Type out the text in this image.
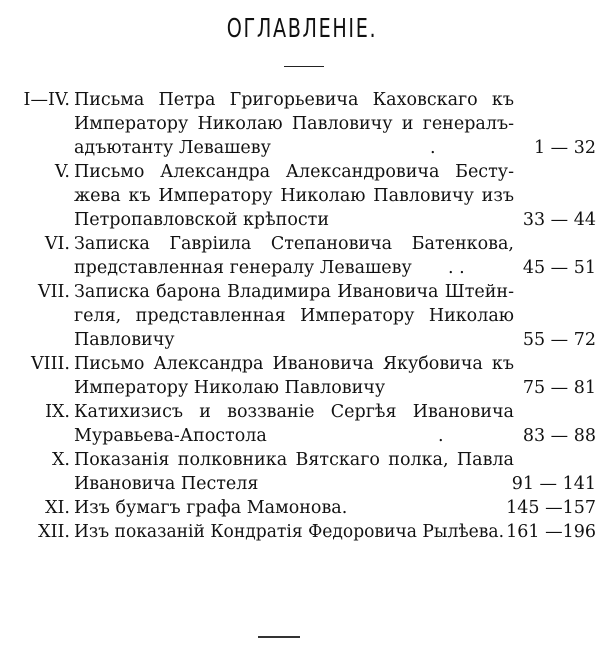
ОГЛАВЛЕНІЕ.
I—IV. Письма Петра Григорьевича Каховскагo къ
Императору Николаю Павловичу и генералъ-
адъютанту Левашеву	.	1 — 32
V. Письмо Александра Александровича Бесту-
жева къ Императору Николаю Павловичу изъ
Петропавловской крѣпости	33 — 44
VI. Записка Гаврiила Степановича Батенкова,
представленная генералу Левашеву	. .	45 — 51
VII. Записка барона Владимира Ивановича Штейн-
геля, представленная Императору Николаю
Павловичу	55 — 72
VIII. Письмо Александра Ивановича Якубовича къ
Императору Николаю Павловичу	75 — 81
IX. Катихизисъ и воззванiе Сергѣя Ивановича
Муравьева-Апостола	.	83 — 88
X. Показанiя полковника Вятскаго полка, Павла
Ивановича Пестеля	91 — 141
XI. Изъ бумагъ графа Мамонова.	145 —157
XII. Изъ показанiй Кондратiя Федоровича Рылѣева. 161 —196
